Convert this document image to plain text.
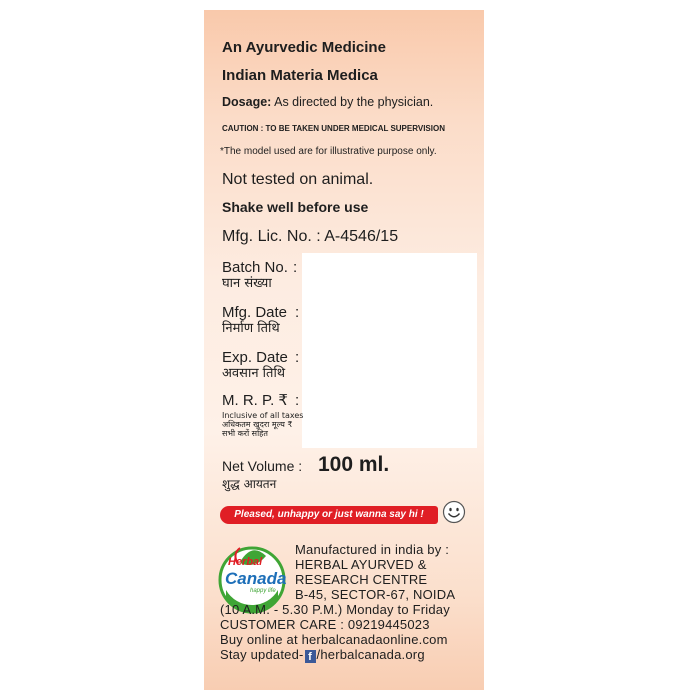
An Ayurvedic Medicine
Indian Materia Medica
Dosage: As directed by the physician.
CAUTION : TO BE TAKEN UNDER MEDICAL SUPERVISION
*The model used are for illustrative purpose only.
Not tested on animal.
Shake well before use
Mfg. Lic. No. : A-4546/15
Batch No.
घान संख्या
:
Mfg. Date
निर्माण तिथि
:
Exp. Date
अवसान तिथि
:
M. R. P. ₹
Inclusive of all taxes
अधिकतम खुदरा मूल्य ₹
सभी करों सहित
:
Net Volume : 100 ml.
शुद्ध आयतन
Pleased, unhappy or just wanna say hi !
Herbal
Canada
happy life
Manufactured in india by :
HERBAL AYURVED &
RESEARCH CENTRE
B-45, SECTOR-67, NOIDA
(10 A.M. - 5.30 P.M.) Monday to Friday
CUSTOMER CARE : 09219445023
Buy online at herbalcanadaonline.com
Stay updated- f /herbalcanada.org
